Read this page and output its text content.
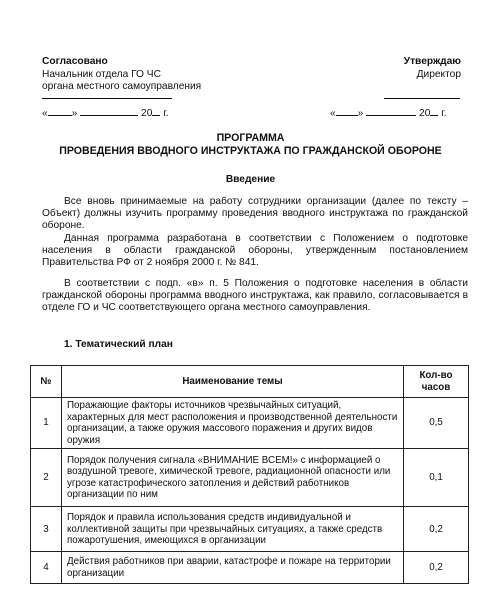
Согласовано
Начальник отдела ГО ЧС
органа местного самоуправления
« »	20 г.
Утверждаю
Директор
« »	20 г.
ПРОГРАММА
ПРОВЕДЕНИЯ ВВОДНОГО ИНСТРУКТАЖА ПО ГРАЖДАНСКОЙ ОБОРОНЕ
Введение
Все вновь принимаемые на работу сотрудники организации (далее по тексту – Объект) должны изучить программу проведения вводного инструктажа по гражданской обороне.
Данная программа разработана в соответствии с Положением о подготовке населения в области гражданской обороны, утвержденным постановлением Правительства РФ от 2 ноября 2000 г. № 841.
В соответствии с подп. «в» п. 5 Положения о подготовке населения в области гражданской обороны программа вводного инструктажа, как правило, согласовывается в отделе ГО и ЧС соответствующего органа местного самоуправления.
1. Тематический план
№	Наименование темы	Кол-во часов
1	Поражающие факторы источников чрезвычайных ситуаций, характерных для мест расположения и производственной деятельности организации, а также оружия массового поражения и других видов оружия	0,5
2	Порядок получения сигнала «ВНИМАНИЕ ВСЕМ!» с информацией о воздушной тревоге, химической тревоге, радиационной опасности или угрозе катастрофического затопления и действий работников организации по ним	0,1
3	Порядок и правила использования средств индивидуальной и коллективной защиты при чрезвычайных ситуациях, а также средств пожаротушения, имеющихся в организации	0,2
4	Действия работников при аварии, катастрофе и пожаре на территории организации	0,2
